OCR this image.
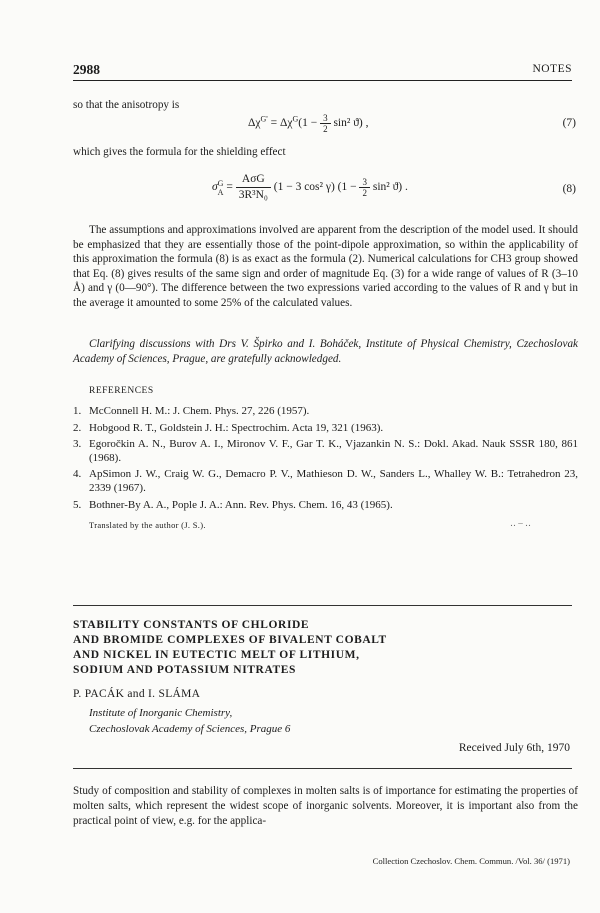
2988	NOTES
so that the anisotropy is
$\Delta\chi^{G'} = \Delta\chi^G(1 - \frac{3}{2} \sin^2$ ϑ) ,	(7)
which gives the formula for the shielding effect
σ G
$A = \frac{\text{AσG}}{\text{3R³N₀}} (1 - 3$ cos² γ) ($1 - \frac{3}{2} \sin^2$ ϑ) .	(8)
The assumptions and approximations involved are apparent from the description of the model used. It should be emphasized that they are essentially those of the point-dipole approximation, so within the applicability of this approximation the formula (8) is as exact as the formula (2). Numerical calculations for CH3 group showed that Eq. (8) gives results of the same sign and order of magnitude Eq. (3) for a wide range of values of R (3–10 Å) and γ (0—90°). The difference between the two expressions varied according to the values of R and γ but in the average it amounted to some 25% of the calculated values.
Clarifying discussions with Drs V. Špirko and I. Boháček, Institute of Physical Chemistry, Czechoslovak Academy of Sciences, Prague, are gratefully acknowledged.
REFERENCES
1. McConnell H. M.: J. Chem. Phys. 27, 226 (1957).
2. Hobgood R. T., Goldstein J. H.: Spectrochim. Acta 19, 321 (1963).
3. Egoročkin A. N., Burov A. I., Mironov V. F., Gar T. K., Vjazankin N. S.: Dokl. Akad. Nauk SSSR 180, 861 (1968).
4. ApSimon J. W., Craig W. G., Demacro P. V., Mathieson D. W., Sanders L., Whalley W. B.: Tetrahedron 23, 2339 (1967).
5. Bothner-By A. A., Pople J. A.: Ann. Rev. Phys. Chem. 16, 43 (1965).
Translated by the author (J. S.).	‥ ‒ ‥
STABILITY CONSTANTS OF CHLORIDE
AND BROMIDE COMPLEXES OF BIVALENT COBALT
AND NICKEL IN EUTECTIC MELT OF LITHIUM,
SODIUM AND POTASSIUM NITRATES
P. PACÁK and I. SLÁMA
Institute of Inorganic Chemistry,
Czechoslovak Academy of Sciences, Prague 6
Received July 6th, 1970
Study of composition and stability of complexes in molten salts is of importance for estimating the properties of molten salts, which represent the widest scope of inorganic solvents. Moreover, it is important also from the practical point of view, e.g. for the applica-
Collection Czechoslov. Chem. Commun. /Vol. 36/ (1971)
